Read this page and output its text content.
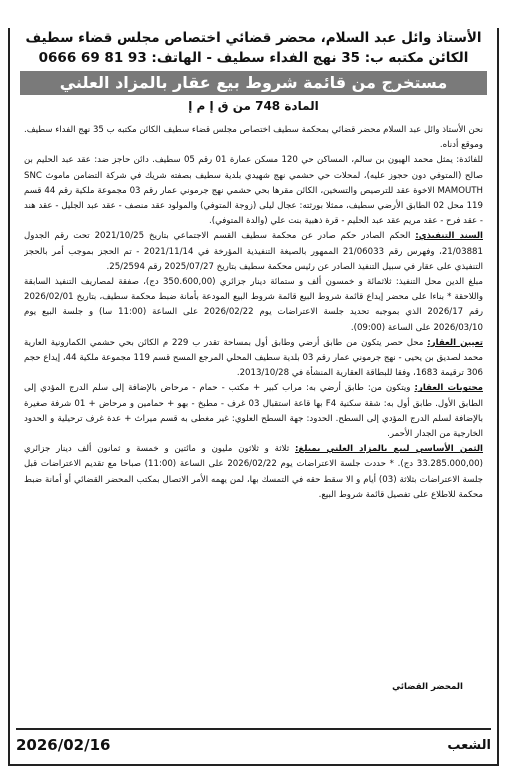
الأستاذ وائل عبد السلام، محضر قضائي اختصاص مجلس قضاء سطيف
الكائن مكتبه ب: 35 نهج الفداء سطيف - الهاتف: 93 81 69 0666
مستخرج من قائمة شروط بيع عقار بالمزاد العلني
المادة 748 من ق إ م إ

نحن الأستاذ وائل عبد السلام محضر قضائي بمحكمة سطيف اختصاص مجلس قضاء سطيف الكائن مكتبه ب 35 نهج الفداء سطيف. وموقع أدناه.

للفائدة: يمثل محمد الهيون بن سالم، المساكن حي 120 مسكن عمارة 01 رقم 05 سطيف. دائن حاجز ضد: عقد عبد الحليم بن صالح (المتوفي دون حجوز عليه)، لمحلات حي حشمي نهج شهيدي بلدية سطيف بصفته شريك في شركة التضامن ماموث SNC MAMOUTH الاخوة عقد للترصيص والتسخين، الكائن مقرها بحي حشمي نهج جرموني عمار رقم 03 مجموعة ملكية رقم 44 قسم 119 محل 02 الطابق الأرضي سطيف، ممثلا بورثته: عجال ليلى (زوجة المتوفي) والمولود عقد منصف - عقد عبد الجليل - عقد هند - عقد فرح - عقد مريم عقد عبد الحليم - قرة ذهبية بنت علي (والدة المتوفي).

السند التنفيذي: الحكم الصادر حكم صادر عن محكمة سطيف القسم الاجتماعي بتاريخ 2021/10/25 تحت رقم الجدول 21/03881، وفهرس رقم 21/06033 الممهور بالصيغة التنفيذية المؤرخة في 2021/11/14 - تم الحجز بموجب أمر بالحجز التنفيذي على عقار في سبيل التنفيذ الصادر عن رئيس محكمة سطيف بتاريخ 2025/07/27 رقم 25/2594.

مبلغ الدين محل التنفيذ: ثلاثمائة و خمسون ألف و ستمائة دينار جزائري (350.600,00 دج)، صفقة لمصاريف التنفيذ السابقة واللاحقة * بناءا على محضر إيداع قائمة شروط البيع قائمة شروط البيع المودعة بأمانة ضبط محكمة سطيف، بتاريخ 2026/02/01 رقم 2026/17 الذي بموجبه تحديد جلسة الاعتراضات يوم 2026/02/22 على الساعة (11:00 سا) و جلسة البيع يوم 2026/03/10 على الساعة (09:00).

تعيين العقار: محل حصر يتكون من طابق أرضي وطابق أول بمساحة تقدر ب 229 م الكائن بحي حشمي الكمارونية العارية محمد لصديق بن يحيى - نهج جرموني عمار رقم 03 بلدية سطيف المحلي المرجع المسح قسم 119 مجموعة ملكية 44، إيداع حجم 306 ترقيمة 1683، وفقا للبطاقة العقارية المنشأة في 2013/10/28.

محتويات العقار: ويتكون من: طابق أرضي به: مراب كبير + مكتب - حمام - مرحاض بالإضافة إلى سلم الدرج المؤدي إلى الطابق الأول. طابق أول به: شقة سكنية F4 بها قاعة استقبال 03 غرف - مطبخ - بهو + حمامين و مرحاض + 01 شرفة صغيرة بالإضافة لسلم الدرج المؤدي إلى السطح. الحدود: جهة السطح العلوي: غير مغطى به قسم ميراث + عدة غرف ترحيلية و الحدود الخارجية من الجدار الأحمر.

الثمن الأساسي لبيع بالمزاد العلني بمبلغ: ثلاثة و ثلاثون مليون و مائتين و خمسة و ثمانون ألف دينار جزائري (33.285.000,00 دج). * حددت جلسة الاعتراضات يوم 2026/02/22 على الساعة (11:00) صباحا مع تقديم الاعتراضات قبل جلسة الاعتراضات بثلاثة (03) أيام و الا سقط حقه في التمسك بها، لمن يهمه الأمر الاتصال بمكتب المحضر القضائي أو أمانة ضبط محكمة للاطلاع على تفصيل قائمة شروط البيع.

المحضر القضائي
2026/02/16	الشعب
